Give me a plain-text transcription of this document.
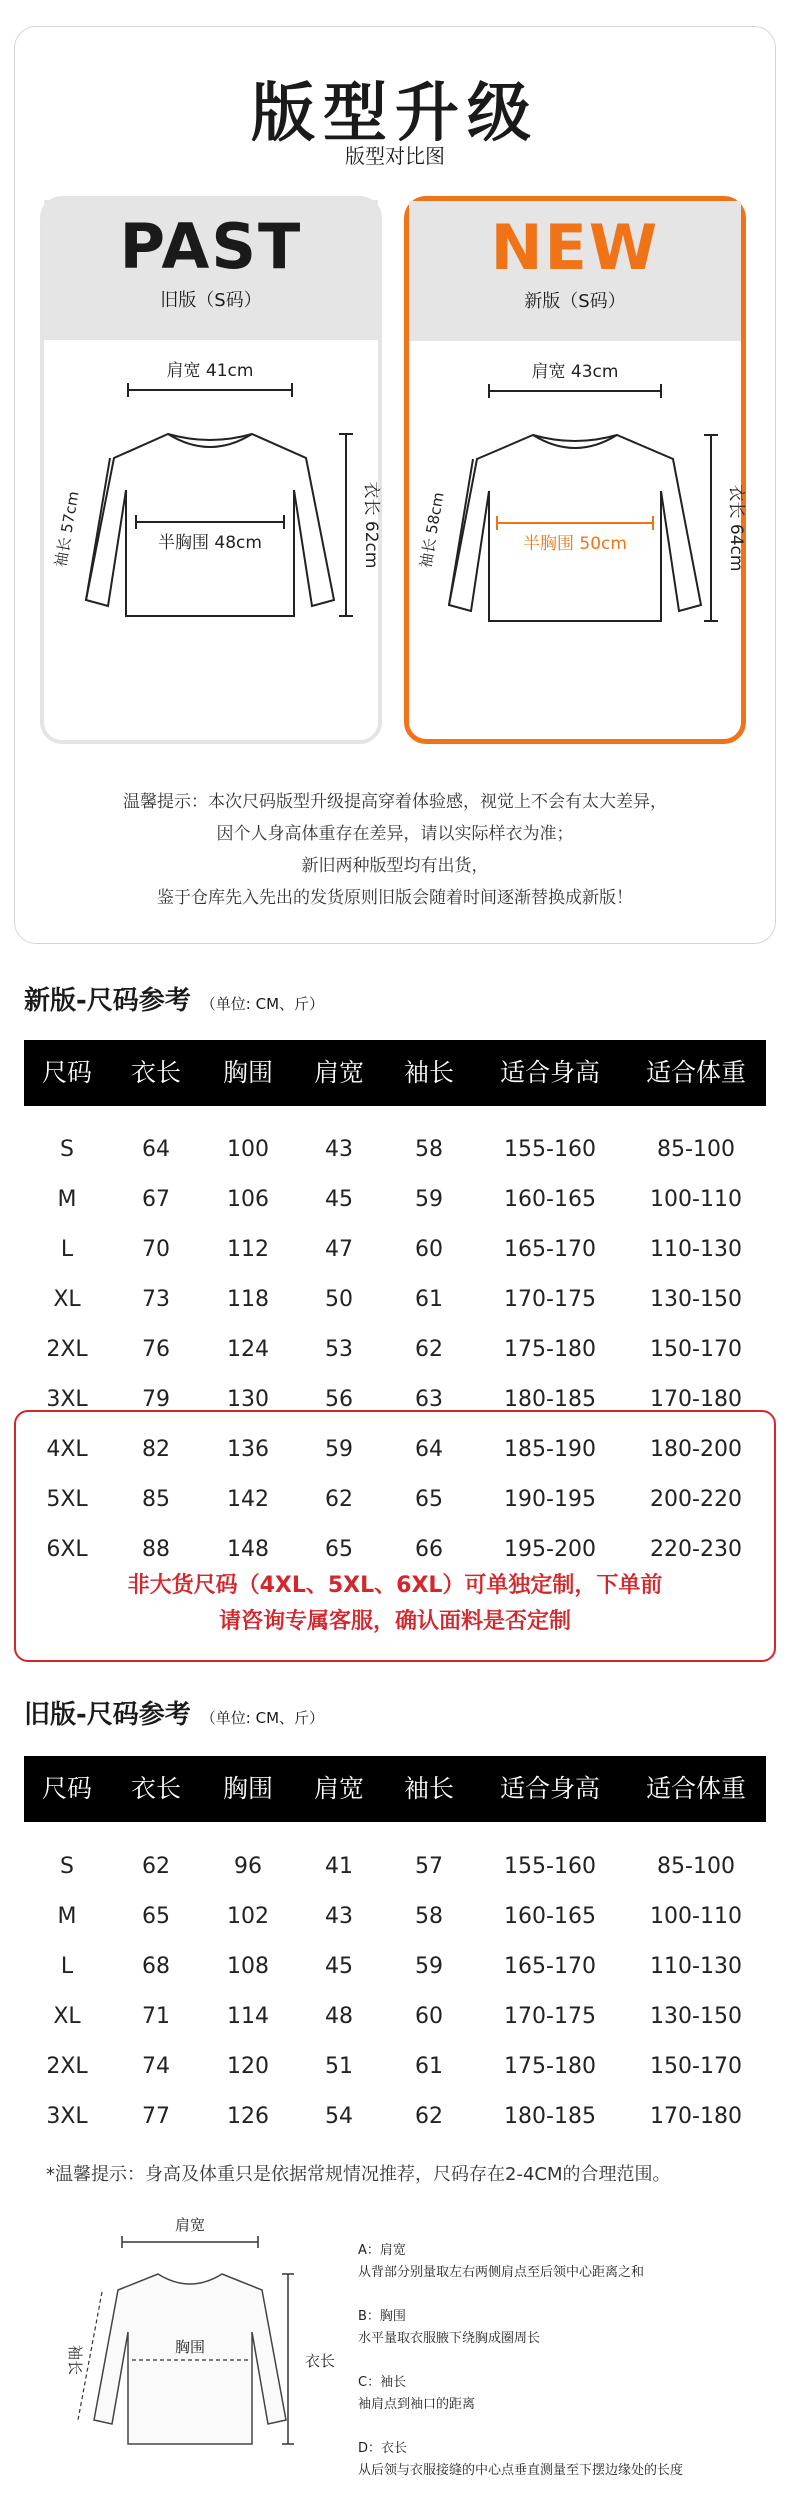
版型升级
版型对比图
PAST
旧版（S码）
肩宽 41cm
半胸围 48cm
袖长 57cm	衣长 62cm
NEW
新版（S码）
肩宽 43cm
半胸围 50cm
袖长 58cm	衣长 64cm
温馨提示：本次尺码版型升级提高穿着体验感，视觉上不会有太大差异，
因个人身高体重存在差异，请以实际样衣为准；
新旧两种版型均有出货，
鉴于仓库先入先出的发货原则旧版会随着时间逐渐替换成新版！
新版-尺码参考 （单位: CM、斤）
尺码	衣长	胸围	肩宽	袖长	适合身高	适合体重
S	64	100	43	58	155-160	85-100
M	67	106	45	59	160-165	100-110
L	70	112	47	60	165-170	110-130
XL	73	118	50	61	170-175	130-150
2XL	76	124	53	62	175-180	150-170
3XL	79	130	56	63	180-185	170-180
4XL	82	136	59	64	185-190	180-200
5XL	85	142	62	65	190-195	200-220
6XL	88	148	65	66	195-200	220-230
非大货尺码（4XL、5XL、6XL）可单独定制，下单前
请咨询专属客服，确认面料是否定制
旧版-尺码参考 （单位: CM、斤）
尺码	衣长	胸围	肩宽	袖长	适合身高	适合体重
S	62	96	41	57	155-160	85-100
M	65	102	43	58	160-165	100-110
L	68	108	45	59	165-170	110-130
XL	71	114	48	60	170-175	130-150
2XL	74	120	51	61	175-180	150-170
3XL	77	126	54	62	180-185	170-180
*温馨提示：身高及体重只是依据常规情况推荐，尺码存在2-4CM的合理范围。
肩宽
胸围
袖长	衣长
A：肩宽
从背部分别量取左右两侧肩点至后领中心距离之和
B：胸围
水平量取衣服腋下绕胸成圈周长
C：袖长
袖肩点到袖口的距离
D：衣长
从后领与衣服接缝的中心点垂直测量至下摆边缘处的长度
